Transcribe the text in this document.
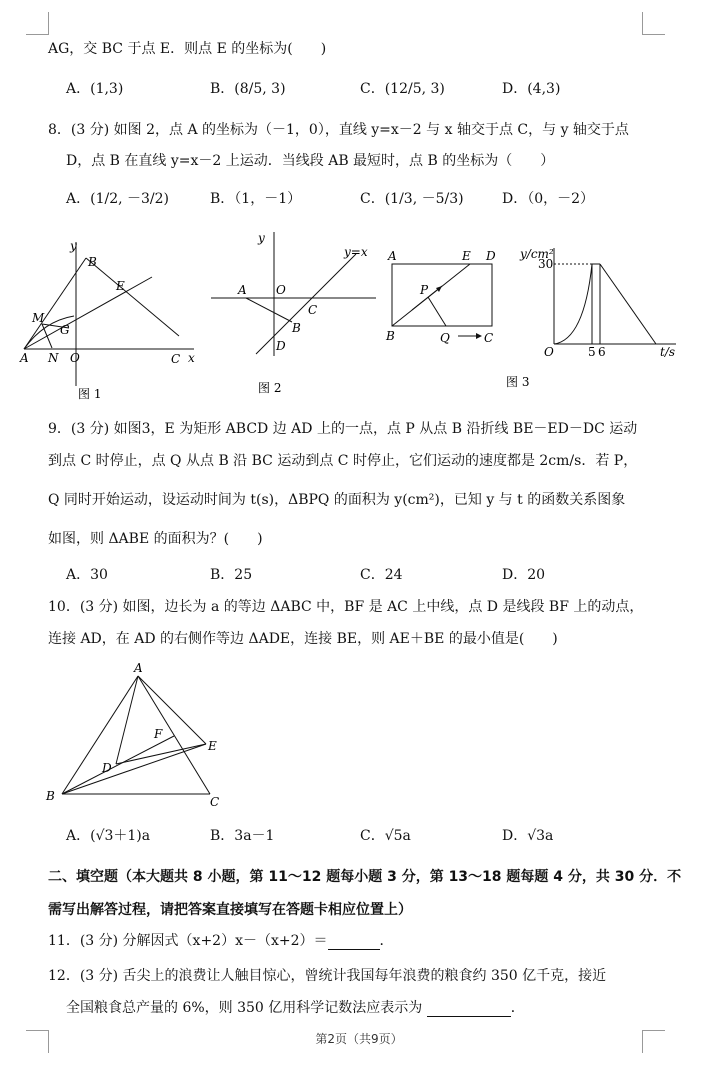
AG，交 BC 于点 E．则点 E 的坐标为(　　)
A．(1,3)	B．(8/5, 3)	C．(12/5, 3)	D．(4,3)
8．(3 分) 如图 2，点 A 的坐标为（－1，0），直线 y=x－2 与 x 轴交于点 C，与 y 轴交于点
D，点 B 在直线 y=x－2 上运动．当线段 AB 最短时，点 B 的坐标为（　　）
A．(1/2, －3/2)	B．（1，－1）	C．(1/3, －5/3)	D．（0，－2）
y
B
E
M
G
A N O	C x
图 1
y
y=x
A O
C
B
D
图 2
A	E D
P
B	Q	C
y/cm²
30
O	5 6	t/s
图 3
9．(3 分) 如图3，E 为矩形 ABCD 边 AD 上的一点，点 P 从点 B 沿折线 BE－ED－DC 运动
到点 C 时停止，点 Q 从点 B 沿 BC 运动到点 C 时停止，它们运动的速度都是 2cm/s．若 P，
Q 同时开始运动，设运动时间为 t(s)，ΔBPQ 的面积为 y(cm²)，已知 y 与 t 的函数关系图象
如图，则 ΔABE 的面积为？(　　)
A．30	B．25	C．24	D．20
10．(3 分) 如图，边长为 a 的等边 ΔABC 中，BF 是 AC 上中线，点 D 是线段 BF 上的动点，
连接 AD，在 AD 的右侧作等边 ΔADE，连接 BE，则 AE＋BE 的最小值是(　　)
A
F
E
D
B	C
A．(√3＋1)a	B．3a－1	C．√5a	D．√3a
二、填空题（本大题共 8 小题，第 11～12 题每小题 3 分，第 13～18 题每题 4 分，共 30 分．不
需写出解答过程，请把答案直接填写在答题卡相应位置上）
11．(3 分) 分解因式（x+2）x－（x+2）＝	．
12．(3 分) 舌尖上的浪费让人触目惊心，曾统计我国每年浪费的粮食约 350 亿千克，接近
全国粮食总产量的 6%，则 350 亿用科学记数法应表示为	．
第2页（共9页）
